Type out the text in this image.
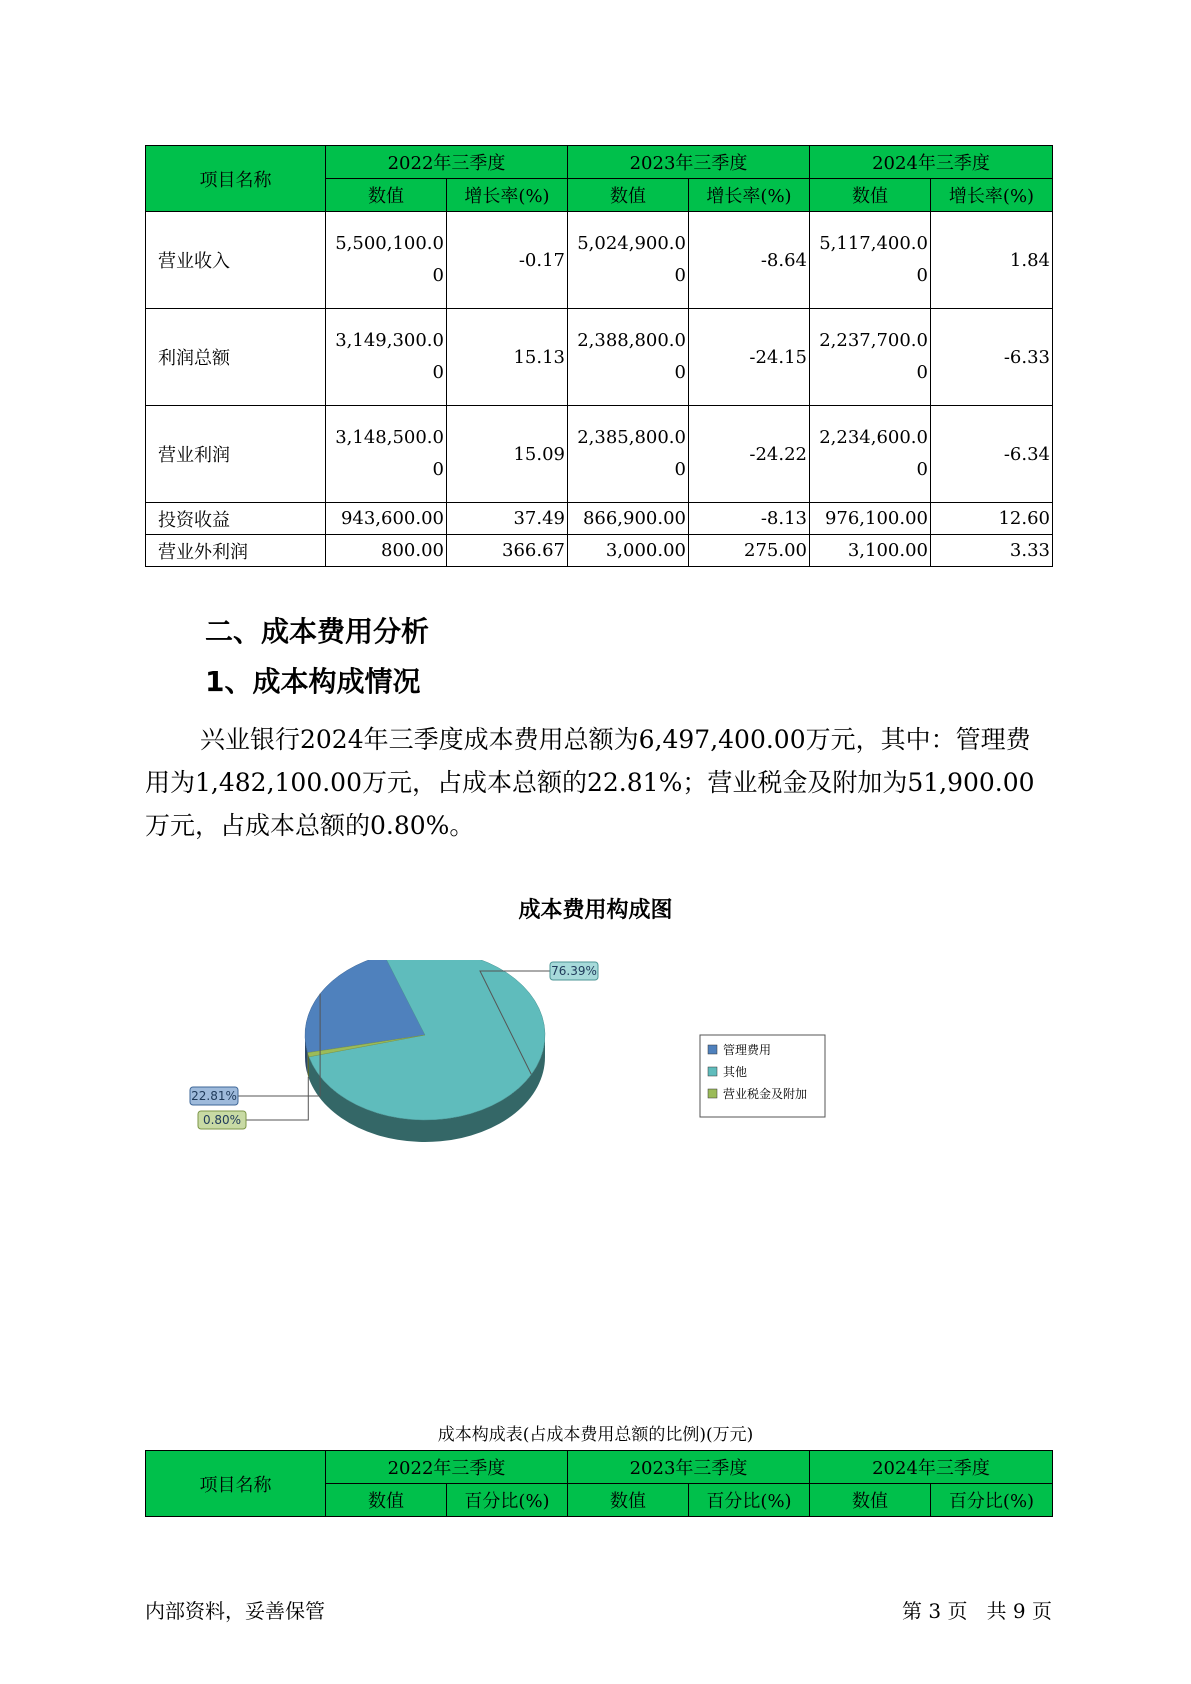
项目名称	2022年三季度		2023年三季度		2024年三季度	
	数值	增长率(%)	数值	增长率(%)	数值	增长率(%)
营业收入	5,500,100.00	-0.17	5,024,900.00	-8.64	5,117,400.00	1.84
利润总额	3,149,300.00	15.13	2,388,800.00	-24.15	2,237,700.00	-6.33
营业利润	3,148,500.00	15.09	2,385,800.00	-24.22	2,234,600.00	-6.34
投资收益	943,600.00	37.49	866,900.00	-8.13	976,100.00	12.60
营业外利润	800.00	366.67	3,000.00	275.00	3,100.00	3.33
二、成本费用分析
1、成本构成情况

兴业银行2024年三季度成本费用总额为6,497,400.00万元，其中：管理费用为1,482,100.00万元，占成本总额的22.81%；营业税金及附加为51,900.00万元，占成本总额的0.80%。

成本费用构成图
22.81%
76.39%
0.80%
管理费用
其他
营业税金及附加
成本构成表(占成本费用总额的比例)(万元)
项目名称	2022年三季度		2023年三季度		2024年三季度	
	数值	百分比(%)	数值	百分比(%)	数值	百分比(%)
内部资料，妥善保管	第 3 页   共 9 页
